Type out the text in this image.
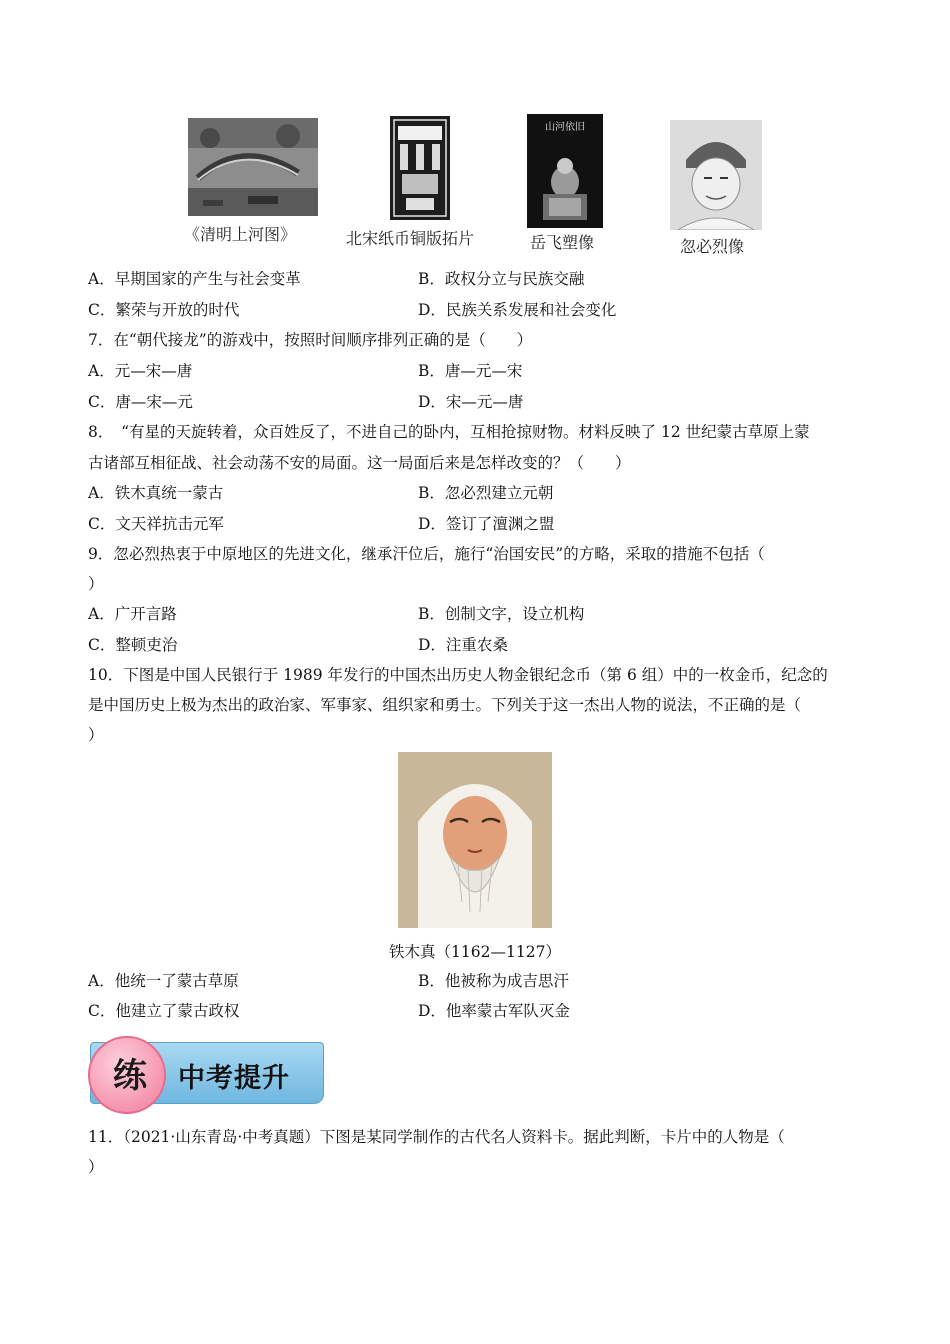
《清明上河图》	北宋纸币铜版拓片
山河依旧
岳飞塑像	忽必烈像
A．早期国家的产生与社会变革	B．政权分立与民族交融
C．繁荣与开放的时代	D．民族关系发展和社会变化
7．在“朝代接龙”的游戏中，按照时间顺序排列正确的是（　　）
A．元—宋—唐	B．唐—元—宋
C．唐—宋—元	D．宋—元—唐
8．　“有星的天旋转着，众百姓反了，不进自己的卧内，互相抢掠财物。材料反映了 12 世纪蒙古草原上蒙
古诸部互相征战、社会动荡不安的局面。这一局面后来是怎样改变的？（　　）
A．铁木真统一蒙古	B．忽必烈建立元朝
C．文天祥抗击元军	D．签订了澶渊之盟
9．忽必烈热衷于中原地区的先进文化，继承汗位后，施行“治国安民”的方略，采取的措施不包括（
）
A．广开言路	B．创制文字，设立机构
C．整顿吏治	D．注重农桑
10．下图是中国人民银行于 1989 年发行的中国杰出历史人物金银纪念币（第 6 组）中的一枚金币，纪念的
是中国历史上极为杰出的政治家、军事家、组织家和勇士。下列关于这一杰出人物的说法，不正确的是（
）
铁木真（1162—1127）
A．他统一了蒙古草原	B．他被称为成吉思汗
C．他建立了蒙古政权	D．他率蒙古军队灭金
练	中考提升
11．（2021·山东青岛·中考真题）下图是某同学制作的古代名人资料卡。据此判断，卡片中的人物是（
）
